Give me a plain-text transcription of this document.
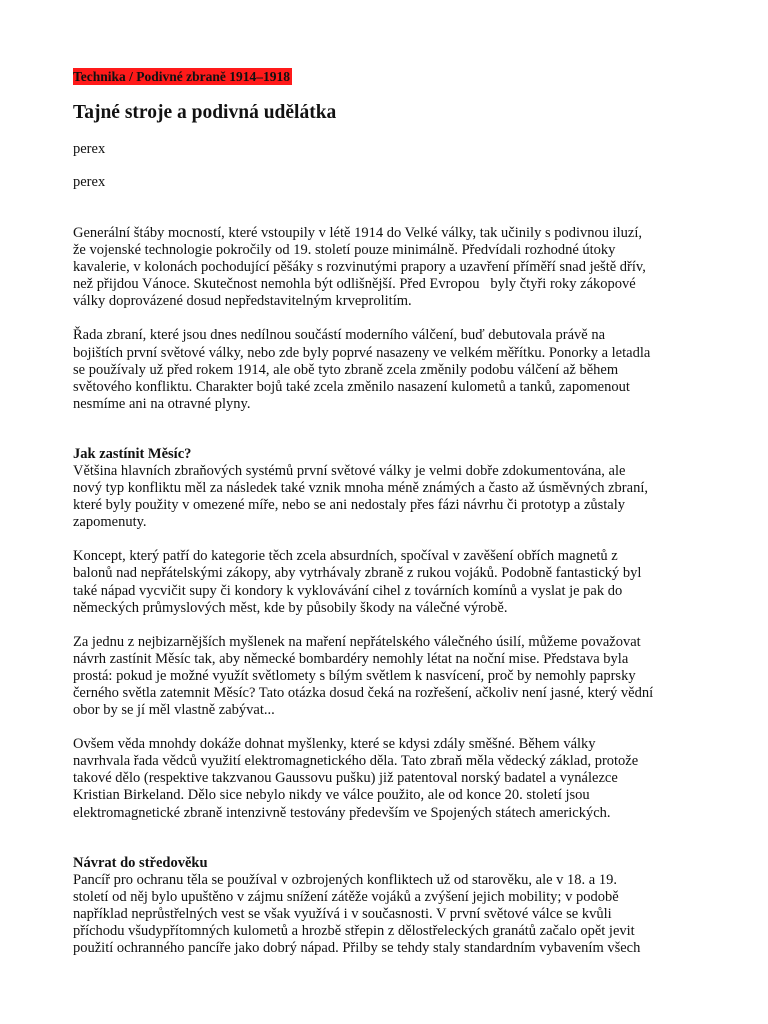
Technika / Podivné zbraně 1914–1918
Tajné stroje a podivná udělátka

perex

perex

Generální štáby mocností, které vstoupily v létě 1914 do Velké války, tak učinily s podivnou iluzí,
že vojenské technologie pokročily od 19. století pouze minimálně. Předvídali rozhodné útoky
kavalerie, v kolonách pochodující pěšáky s rozvinutými prapory a uzavření příměří snad ještě dřív,
než přijdou Vánoce. Skutečnost nemohla být odlišnější. Před Evropou   byly čtyři roky zákopové
války doprovázené dosud nepředstavitelným krveprolitím.

Řada zbraní, které jsou dnes nedílnou součástí moderního válčení, buď debutovala právě na
bojištích první světové války, nebo zde byly poprvé nasazeny ve velkém měřítku. Ponorky a letadla
se používaly už před rokem 1914, ale obě tyto zbraně zcela změnily podobu válčení až během
světového konfliktu. Charakter bojů také zcela změnilo nasazení kulometů a tanků, zapomenout
nesmíme ani na otravné plyny.

Jak zastínit Měsíc?

Většina hlavních zbraňových systémů první světové války je velmi dobře zdokumentována, ale
nový typ konfliktu měl za následek také vznik mnoha méně známých a často až úsměvných zbraní,
které byly použity v omezené míře, nebo se ani nedostaly přes fázi návrhu či prototyp a zůstaly
zapomenuty.

Koncept, který patří do kategorie těch zcela absurdních, spočíval v zavěšení obřích magnetů z
balonů nad nepřátelskými zákopy, aby vytrhávaly zbraně z rukou vojáků. Podobně fantastický byl
také nápad vycvičit supy či kondory k vyklovávání cihel z továrních komínů a vyslat je pak do
německých průmyslových měst, kde by působily škody na válečné výrobě.

Za jednu z nejbizarnějších myšlenek na maření nepřátelského válečného úsilí, můžeme považovat
návrh zastínit Měsíc tak, aby německé bombardéry nemohly létat na noční mise. Představa byla
prostá: pokud je možné využít světlomety s bílým světlem k nasvícení, proč by nemohly paprsky
černého světla zatemnit Měsíc? Tato otázka dosud čeká na rozřešení, ačkoliv není jasné, který vědní
obor by se jí měl vlastně zabývat...

Ovšem věda mnohdy dokáže dohnat myšlenky, které se kdysi zdály směšné. Během války
navrhvala řada vědců využití elektromagnetického děla. Tato zbraň měla vědecký základ, protože
takové dělo (respektive takzvanou Gaussovu pušku) již patentoval norský badatel a vynálezce
Kristian Birkeland. Dělo sice nebylo nikdy ve válce použito, ale od konce 20. století jsou
elektromagnetické zbraně intenzivně testovány především ve Spojených státech amerických.

Návrat do středověku

Pancíř pro ochranu těla se používal v ozbrojených konfliktech už od starověku, ale v 18. a 19.
století od něj bylo upuštěno v zájmu snížení zátěže vojáků a zvýšení jejich mobility; v podobě
například neprůstřelných vest se však využívá i v současnosti. V první světové válce se kvůli
příchodu všudypřítomných kulometů a hrozbě střepin z dělostřeleckých granátů začalo opět jevit
použití ochranného pancíře jako dobrý nápad. Přilby se tehdy staly standardním vybavením všech
